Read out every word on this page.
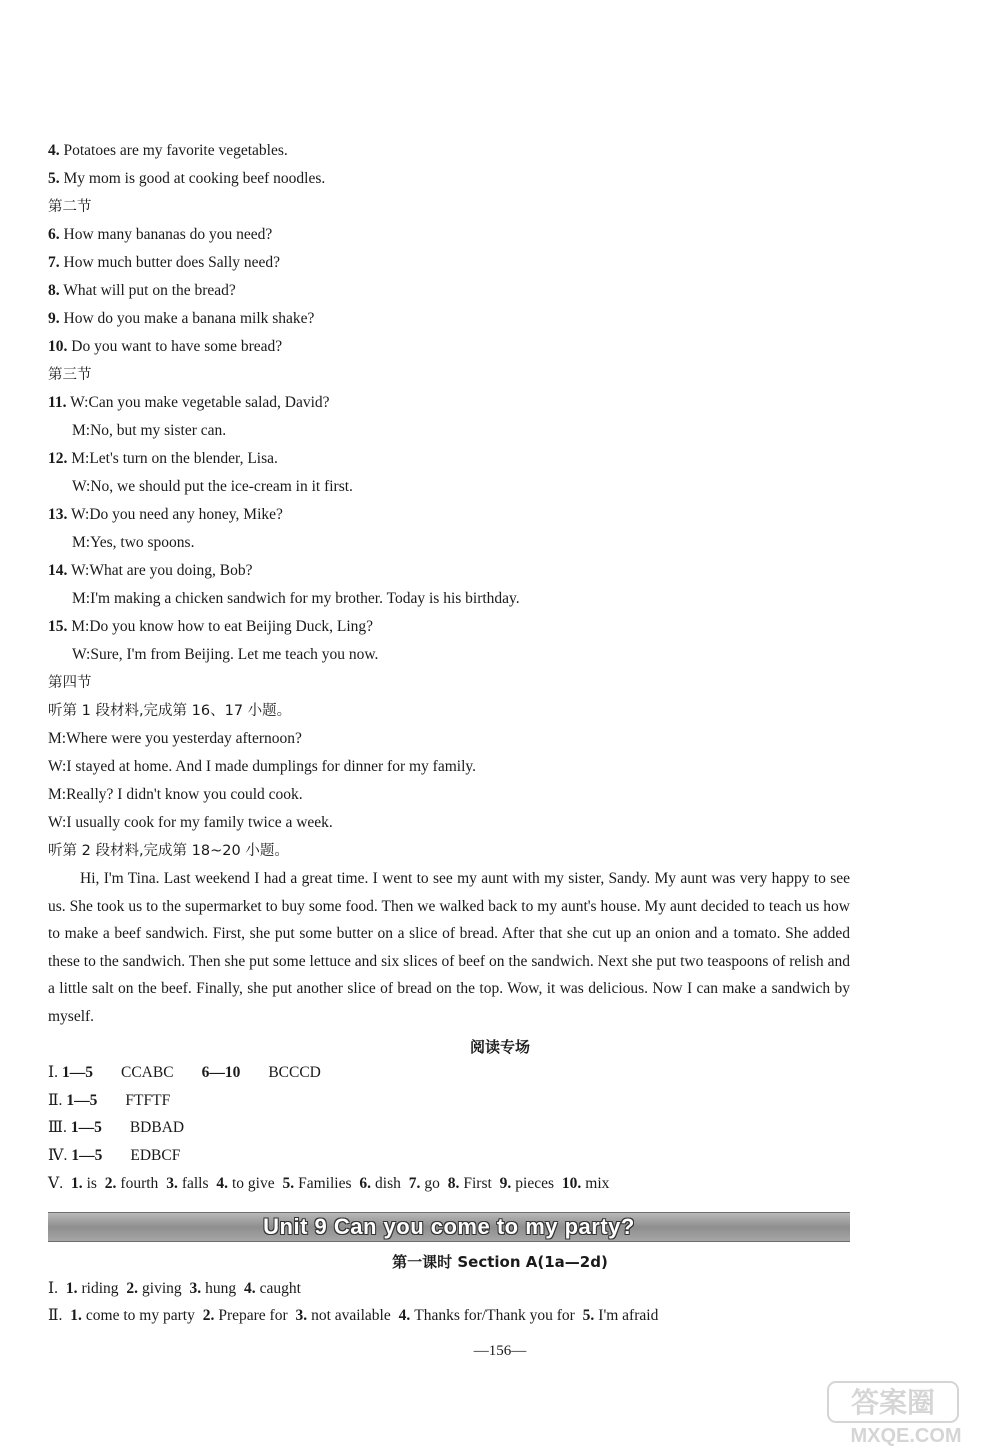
4. Potatoes are my favorite vegetables.
5. My mom is good at cooking beef noodles.
第二节
6. How many bananas do you need?
7. How much butter does Sally need?
8. What will put on the bread?
9. How do you make a banana milk shake?
10. Do you want to have some bread?
第三节
11. W:Can you make vegetable salad, David?
M:No, but my sister can.
12. M:Let's turn on the blender, Lisa.
W:No, we should put the ice-cream in it first.
13. W:Do you need any honey, Mike?
M:Yes, two spoons.
14. W:What are you doing, Bob?
M:I'm making a chicken sandwich for my brother. Today is his birthday.
15. M:Do you know how to eat Beijing Duck, Ling?
W:Sure, I'm from Beijing. Let me teach you now.
第四节
听第 1 段材料,完成第 16、17 小题。
M:Where were you yesterday afternoon?
W:I stayed at home. And I made dumplings for dinner for my family.
M:Really? I didn't know you could cook.
W:I usually cook for my family twice a week.
听第 2 段材料,完成第 18~20 小题。
Hi, I'm Tina. Last weekend I had a great time. I went to see my aunt with my sister, Sandy. My aunt was very happy to see us. She took us to the supermarket to buy some food. Then we walked back to my aunt's house. My aunt decided to teach us how to make a beef sandwich. First, she put some butter on a slice of bread. After that she cut up an onion and a tomato. She added these to the sandwich. Then she put some lettuce and six slices of beef on the sandwich. Next she put two teaspoons of relish and a little salt on the beef. Finally, she put another slice of bread on the top. Wow, it was delicious. Now I can make a sandwich by myself.
阅读专场
Ⅰ. 1—5 CCABC 6—10 BCCCD
Ⅱ. 1—5 FTFTF
Ⅲ. 1—5 BDBAD
Ⅳ. 1—5 EDBCF
Ⅴ. 1. is 2. fourth 3. falls 4. to give 5. Families 6. dish 7. go 8. First 9. pieces 10. mix
Unit 9 Can you come to my party?
第一课时 Section A(1a—2d)
Ⅰ. 1. riding 2. giving 3. hung 4. caught
Ⅱ. 1. come to my party 2. Prepare for 3. not available 4. Thanks for/Thank you for 5. I'm afraid
—156—
答案圈
MXQE.COM
